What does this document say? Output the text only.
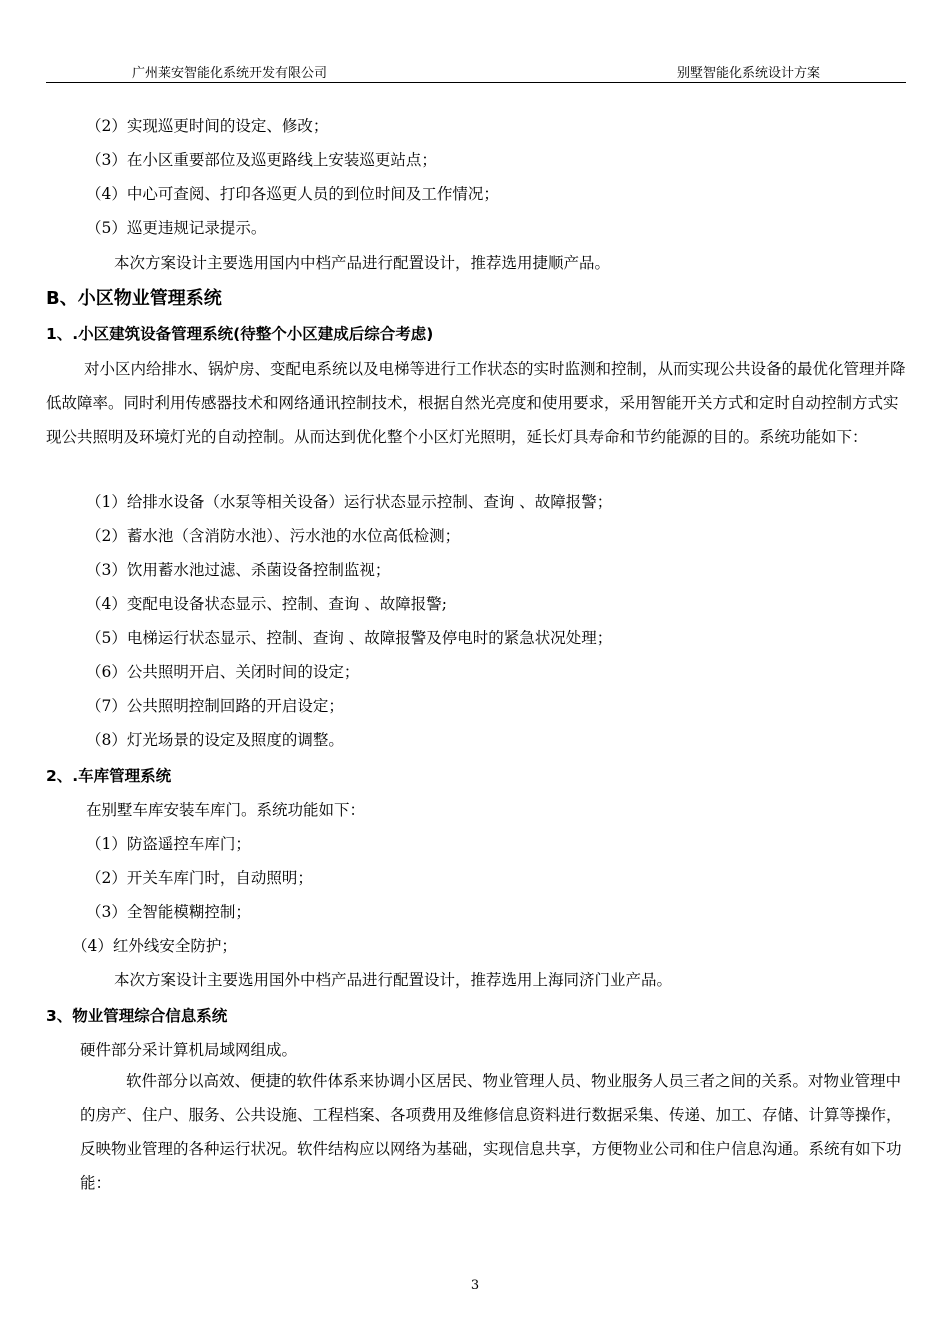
广州莱安智能化系统开发有限公司	别墅智能化系统设计方案
（2）实现巡更时间的设定、修改；
（3）在小区重要部位及巡更路线上安装巡更站点；
（4）中心可查阅、打印各巡更人员的到位时间及工作情况；
（5）巡更违规记录提示。
本次方案设计主要选用国内中档产品进行配置设计，推荐选用捷顺产品。
B、小区物业管理系统
1、.小区建筑设备管理系统(待整个小区建成后综合考虑)
对小区内给排水、锅炉房、变配电系统以及电梯等进行工作状态的实时监测和控制，从而实现公共设备的最优化管理并降低故障率。同时利用传感器技术和网络通讯控制技术，根据自然光亮度和使用要求，采用智能开关方式和定时自动控制方式实现公共照明及环境灯光的自动控制。从而达到优化整个小区灯光照明，延长灯具寿命和节约能源的目的。系统功能如下：
（1）给排水设备（水泵等相关设备）运行状态显示控制、查询 、故障报警；
（2）蓄水池（含消防水池）、污水池的水位高低检测；
（3）饮用蓄水池过滤、杀菌设备控制监视；
（4）变配电设备状态显示、控制、查询 、故障报警;
（5）电梯运行状态显示、控制、查询 、故障报警及停电时的紧急状况处理；
（6）公共照明开启、关闭时间的设定；
（7）公共照明控制回路的开启设定；
（8）灯光场景的设定及照度的调整。
2、.车库管理系统
在别墅车库安装车库门。系统功能如下：
（1）防盗遥控车库门；
（2）开关车库门时，自动照明；
（3）全智能模糊控制；
（4）红外线安全防护；
本次方案设计主要选用国外中档产品进行配置设计，推荐选用上海同济门业产品。
3、物业管理综合信息系统
硬件部分采计算机局域网组成。
软件部分以高效、便捷的软件体系来协调小区居民、物业管理人员、物业服务人员三者之间的关系。对物业管理中的房产、住户、服务、公共设施、工程档案、各项费用及维修信息资料进行数据采集、传递、加工、存储、计算等操作，反映物业管理的各种运行状况。软件结构应以网络为基础，实现信息共享，方便物业公司和住户信息沟通。系统有如下功能：
3
